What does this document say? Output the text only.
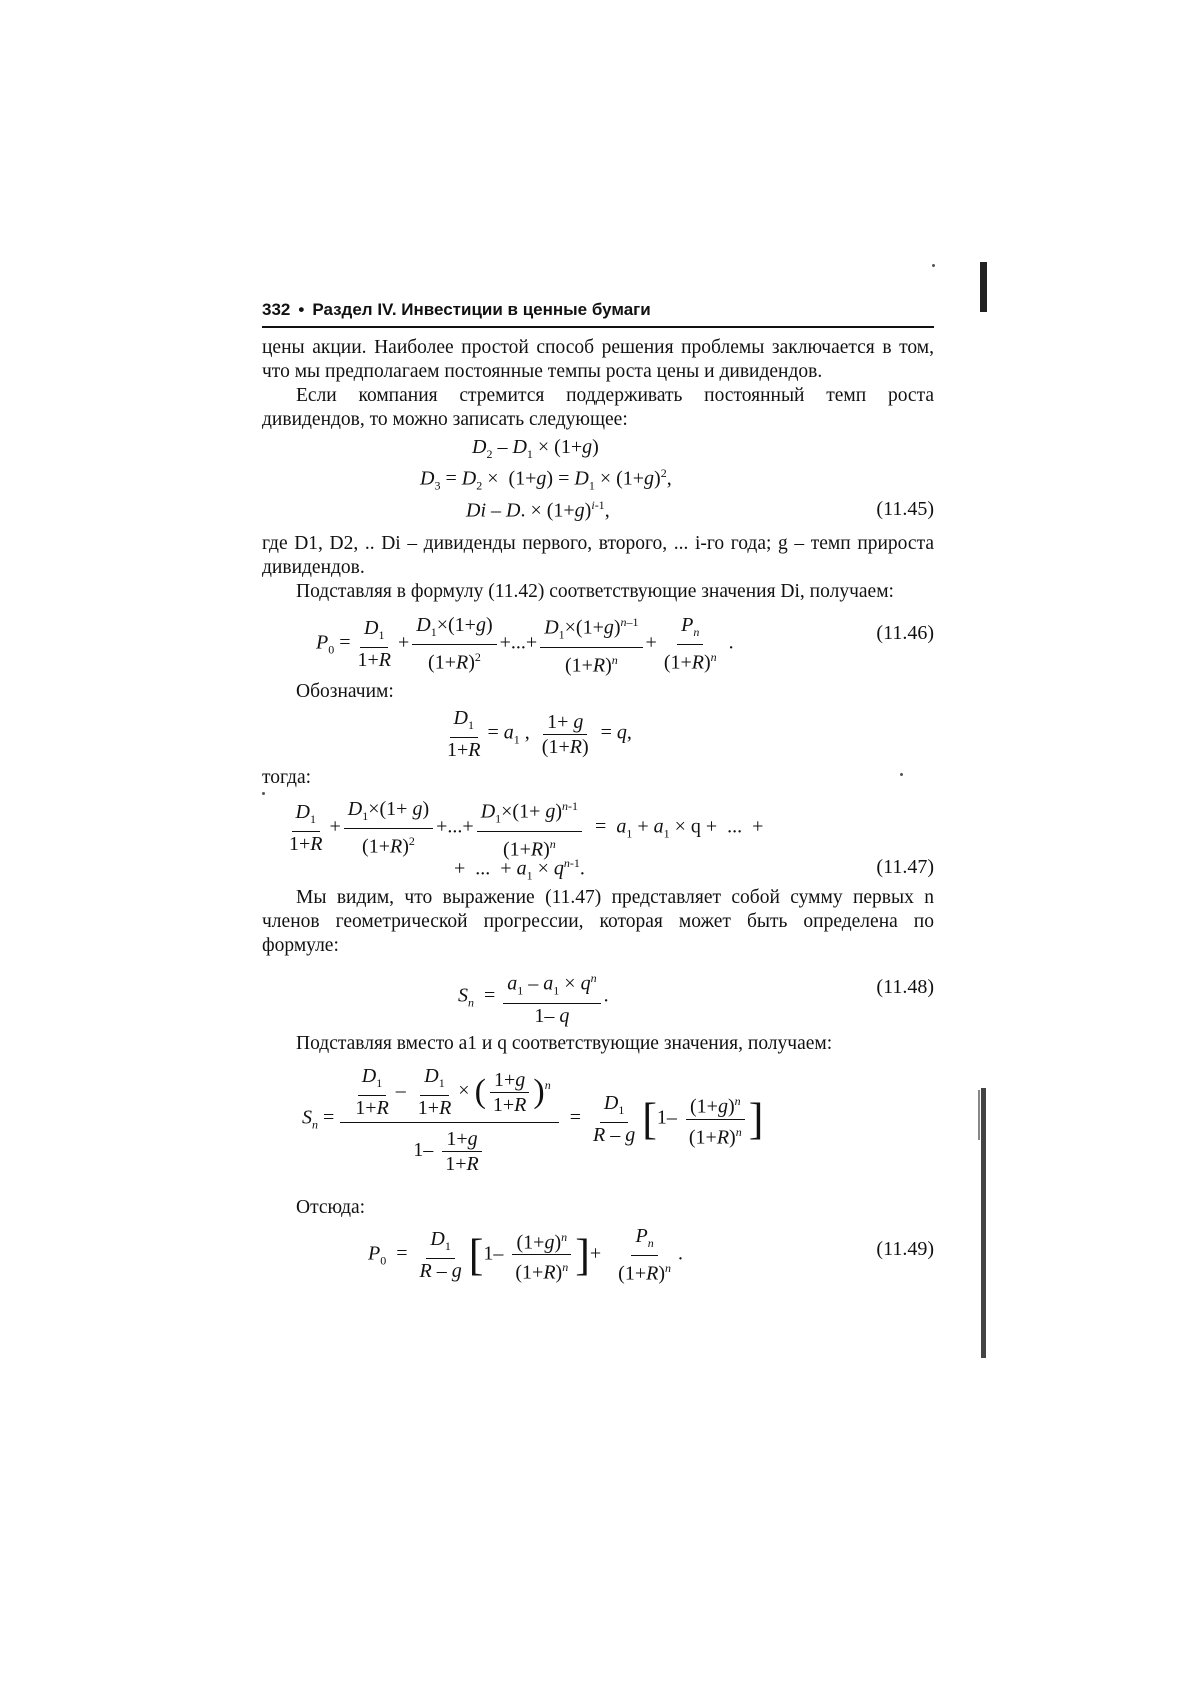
332 • Раздел IV. Инвестиции в ценные бумаги

цены акции. Наиболее простой способ решения проблемы заключается в том, что мы предполагаем постоянные темпы роста цены и дивидендов.

Если компания стремится поддерживать постоянный темп роста дивидендов, то можно записать следующее:

$D_2 - D_1 \times (1+g)$
$D_3 = D_2 \times (1+g) = D_1 \times (1+g)^2$,
Di – D. × $(1+g)^{i-1}$,	(11.45)

где D1, D2, .. Di – дивиденды первого, второго, ... i-го года; g – темп прироста дивидендов.

Подставляя в формулу (11.42) соответствующие значения Di, получаем:

$P_0 = \frac{D_1}{1+R} + \frac{D_1\times(1+g)}{(1+R)^2}$ +...+ $\frac{D_1\times(1+g)^{n-1}}{(1+R)^n} + \frac{P_n}{(1+R)^n}$ .	(11.46)

Обозначим:

$\frac{D_1}{1+R} = a_1$ , $\frac{1+ g}{(1+R)} = q$,

тогда:

$\frac{D_1}{1+R} + \frac{D_1\times(1+ g)}{(1+R)^2}$ +...+ $\frac{D_1\times(1+ g)^{n-1}}{(1+R)^n} = a_1 + a_1 \times q$ +  ...  +
+  ...  + $a_1 \times q^{n-1}$.	(11.47)

Мы видим, что выражение (11.47) представляет собой сумму первых n членов геометрической прогрессии, которая может быть определена по формуле:

$S_n = \frac{a_1 - a_1 \times q^n}{1- q}$ .	(11.48)

Подставляя вместо a1 и q соответствующие значения, получаем:

$S_n = \frac{\frac{D_1}{1+R} - \frac{D_1}{1+R} \times ( \frac{1+g}{1+R} )^n}{1- \frac{1+g}{1+R}} = \frac{D_1}{R - g} [1- \frac{(1+g)^n}{(1+R)^n}$ ]

Отсюда:

$P_0 = \frac{D_1}{R - g} [1- \frac{(1+g)^n}{(1+R)^n}$ ]+ $\frac{P_n}{(1+R)^n}$ .	(11.49)
